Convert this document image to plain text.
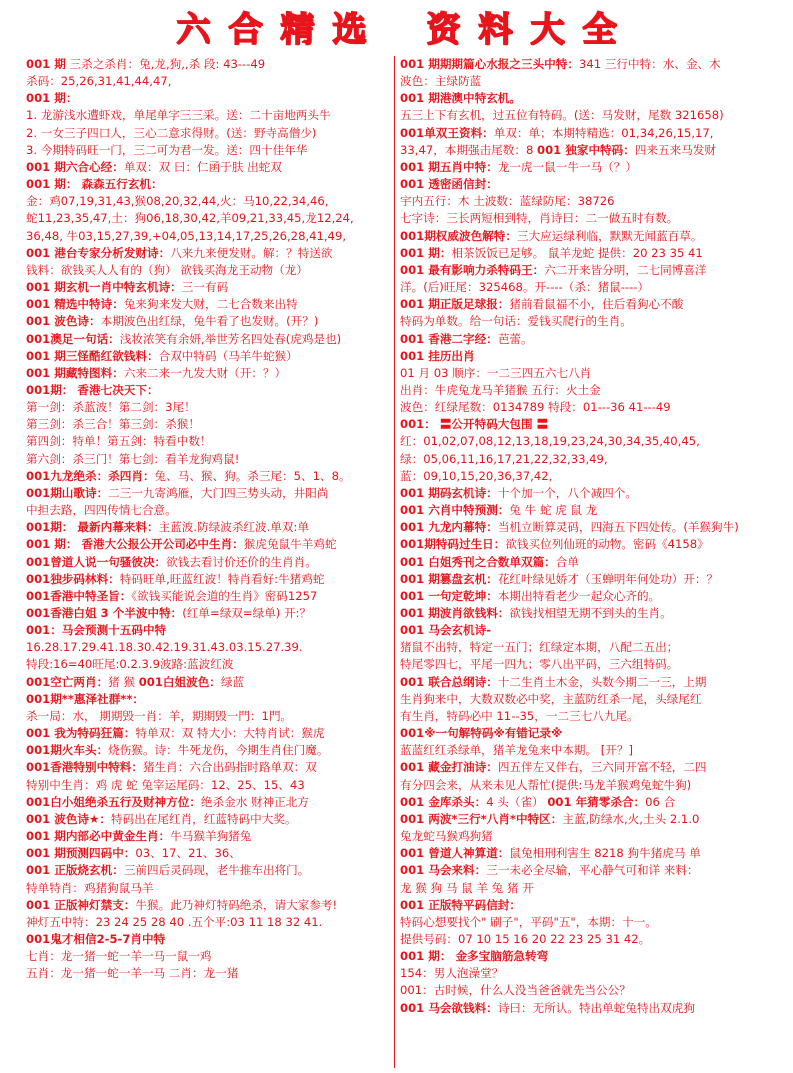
六 合 精 选 资 料 大 全
001 期 三杀之杀肖：兔,龙,狗,,杀 段: 43---49
杀码：25,26,31,41,44,47,
001 期：
1. 龙游浅水遭虾戏，单尾单字三三采。送：二十亩地两头牛
2. 一女三子四口人，三心二意求得财。(送：野寺高僧少)
3. 今期特码旺一门，三二可为君一发。送：四十佳年华
001 期六合心经：单双：双 曰：仁函于肤 出蛇双
001 期： 森森五行玄机：
金：鸡07,19,31,43,猴08,20,32,44,火：马10,22,34,46,
蛇11,23,35,47,土：狗06,18,30,42,羊09,21,33,45,龙12,24,
36,48, 牛03,15,27,39,+04,05,13,14,17,25,26,28,41,49,
001 港台专家分析发财诗：八来九来便发财。解：？特送欲
钱料：欲钱买人人有的（狗） 欲钱买海龙王动物（龙）
001 期玄机一肖中特玄机诗：三一有码
001 精选中特诗：兔来狗来发大财，二七合数来出特
001 波色诗：本期波色出红绿，兔牛看了也发财。(开？)
001澳足一句话：浅妆浓笑有余妍,举世芳名四处春(虎鸡是也)
001 期三怪酷红欲钱料：合双中特码（马羊牛蛇猴）
001 期藏特图料：六来二来一九发大财（开：？）
001期： 香港七决天下：
第一剑：杀蓝波！第二剑：3尾！
第三剑：杀三合！第三剑：杀猴！
第四剑：特单！第五剑：特看中数！
第六剑：杀三门！第七剑：看羊龙狗鸡鼠!
001九龙绝杀：杀四肖：兔、马、猴、狗。杀三尾：5、1、8。
001期山歌诗：二三一九寄鸿雁，大门四三势头动，井阳尚
中担去路，四四传情七合意。
001期： 最新内幕来料：主蓝波.防绿波杀红波.单双:单
001 期： 香港大公报公开公司必中生肖：猴虎兔鼠牛羊鸡蛇
001曾道人说一句骚彼决：欲钱去看讨价还价的生肖肖。
001独步码林料：特码旺单,旺蓝红波！特肖看好:牛猪鸡蛇
001香港中特圣旨：《欲钱买能说会道的生肖》密码1257
001香港白姐 3 个半波中特：(红单=绿双=绿单) 开:？
001：马会预测十五码中特
16.28.17.29.41.18.30.42.19.31.43.03.15.27.39.
特段:16=40旺尾:0.2.3.9波路:蓝波红波
001空亡两肖：猪 猴 001白姐波色：绿蓝
001期**惠泽社群**：
杀一局：水， 期期毁一肖：羊，期期毁一門：1門。
001 我为特码狂篇：特单双：双 特大小：大特肖试：猴虎
001期火车头：烧伤猴。诗：牛死龙伤，今期生肖住门魔。
001香港特别中特料：猪生肖：六合出码指时路单双：双
特别中生肖：鸡 虎 蛇 兔宰运尾码：12、25、15、43
001白小姐绝杀五行及财神方位：绝杀金水 财神正北方
001 波色诗★：特码出在尾红肖，红蓝特码中大奖。
001 期内部必中黄金生肖：牛马猴羊狗猪兔
001 期预测四码中：03、17、21、36、
001 正版烧玄机：三前四后灵码现，老牛推车出将门。
特单特肖：鸡猪狗鼠马羊
001 正版神灯禁支：牛猴。此乃神灯特码绝杀，请大家参考!
神灯五中特：23 24 25 28 40 .五个平:03 11 18 32 41.
001鬼才相信2-5-7肖中特
七肖：龙一猪一蛇一羊一马一鼠一鸡
五肖：龙一猪一蛇一羊一马 二肖：龙一猪
001 期期期篇心水报之三头中特：341 三行中特：水、金、木
波色：主绿防蓝
001 期港澳中特玄机。
五三上下有玄机，过五位有特码。(送：马发财，尾数 321658)
001单双王资料：单双：单；本期特精选：01,34,26,15,17,
33,47，本期强击尾数：8 001 独家中特码：四来五来马发财
001 期五肖中特：龙一虎一鼠一牛一马（？）
001 透密函信封：
宇内五行：木 土波数：蓝绿防尾：38726
七字诗：三长两短相到特，肖诗曰：二一做五时有数。
001期权威波色解特：三大应运绿利临，默默无闻蓝百草。
001 期：相茶饭饭已足够。 鼠羊龙蛇 提供：20 23 35 41
001 最有影响力杀特码王：六二开来皆分明，二七同博喜洋
洋。(后)旺尾：325468。开----（杀：猪鼠----）
001 期正版足球报：猪前看鼠福不小，住后看狗心不酸
特码为单数。给一句话：爱钱买爬行的生肖。
001 香港二字经：芭蕾。
001 挂历出肖
01 月 03 顺序：一二三四五六七八肖
出肖：牛虎兔龙马羊猪猴 五行：火土金
波色：红绿尾数：0134789 特段：01---36 41---49
001： 〓公开特码大包围 〓
红：01,02,07,08,12,13,18,19,23,24,30,34,35,40,45,
绿：05,06,11,16,17,21,22,32,33,49,
蓝：09,10,15,20,36,37,42,
001 期码玄机诗：十个加一个，八个减四个。
001 六肖中特预测：兔 牛 蛇 虎 鼠 龙
001 九龙内幕特：当机立断算灵码，四海五下四处传。(羊猴狗牛)
001期特码过生日：欲钱买位列仙班的动物。密码《4158》
001 白姐秀刊之合数单双篇：合单
001 期篡盘玄机：花红叶绿见娇才（玉蝉明年何处功）开：？
001 一句定乾坤：本期出特看老少一起众心齐的。
001 期波肖欲钱料：欲钱找相望无期不到头的生肖。
001 马会玄机诗-
猪鼠不出特，特定一五门；红绿定本期，八配二五出；
特尾零四七，平尾一四九；零八出平码，三六组特码。
001 联合总纲诗：十二生肖土木金，头数今期二一三，上期
生肖狗来中，大数双数必中奖，主蓝防红杀一尾，头绿尾红
有生肖，特码必中 11--35，一二三七八九尾。
001※一句解特码※有错记录※
蓝蓝红红杀绿单，猪羊龙兔来中本期。 [开？]
001 藏金打油诗：四五伴左又伴右，三六同开富不轻，二四
有分四会来，从来未见人帮忙(提供:马龙羊猴鸡兔蛇牛狗)
001 金库杀头：4 头（雀） 001 年猜零杀合：06 合
001 两波*三行*八肖*中特区：主蓝,防绿水,火,土头 2.1.0
兔龙蛇马猴鸡狗猪
001 曾道人神算道：鼠兔相刑利害生 8218 狗牛猪虎马 单
001 马会来料：三一未必全尽输，平心静气可和详 来料：
龙 猴 狗 马 鼠 羊 兔 猪 开
001 正版特平码信封：
特码心想要找个" 刷子"，平码"五"，本期：十一。
提供号码：07 10 15 16 20 22 23 25 31 42。
001 期： 金多宝脑筋急转弯
154：男人泡澡堂？
001：古时候，什么人没当爸爸就先当公公？
001 马会欲钱料：诗曰：无所认。特出单蛇兔特出双虎狗
